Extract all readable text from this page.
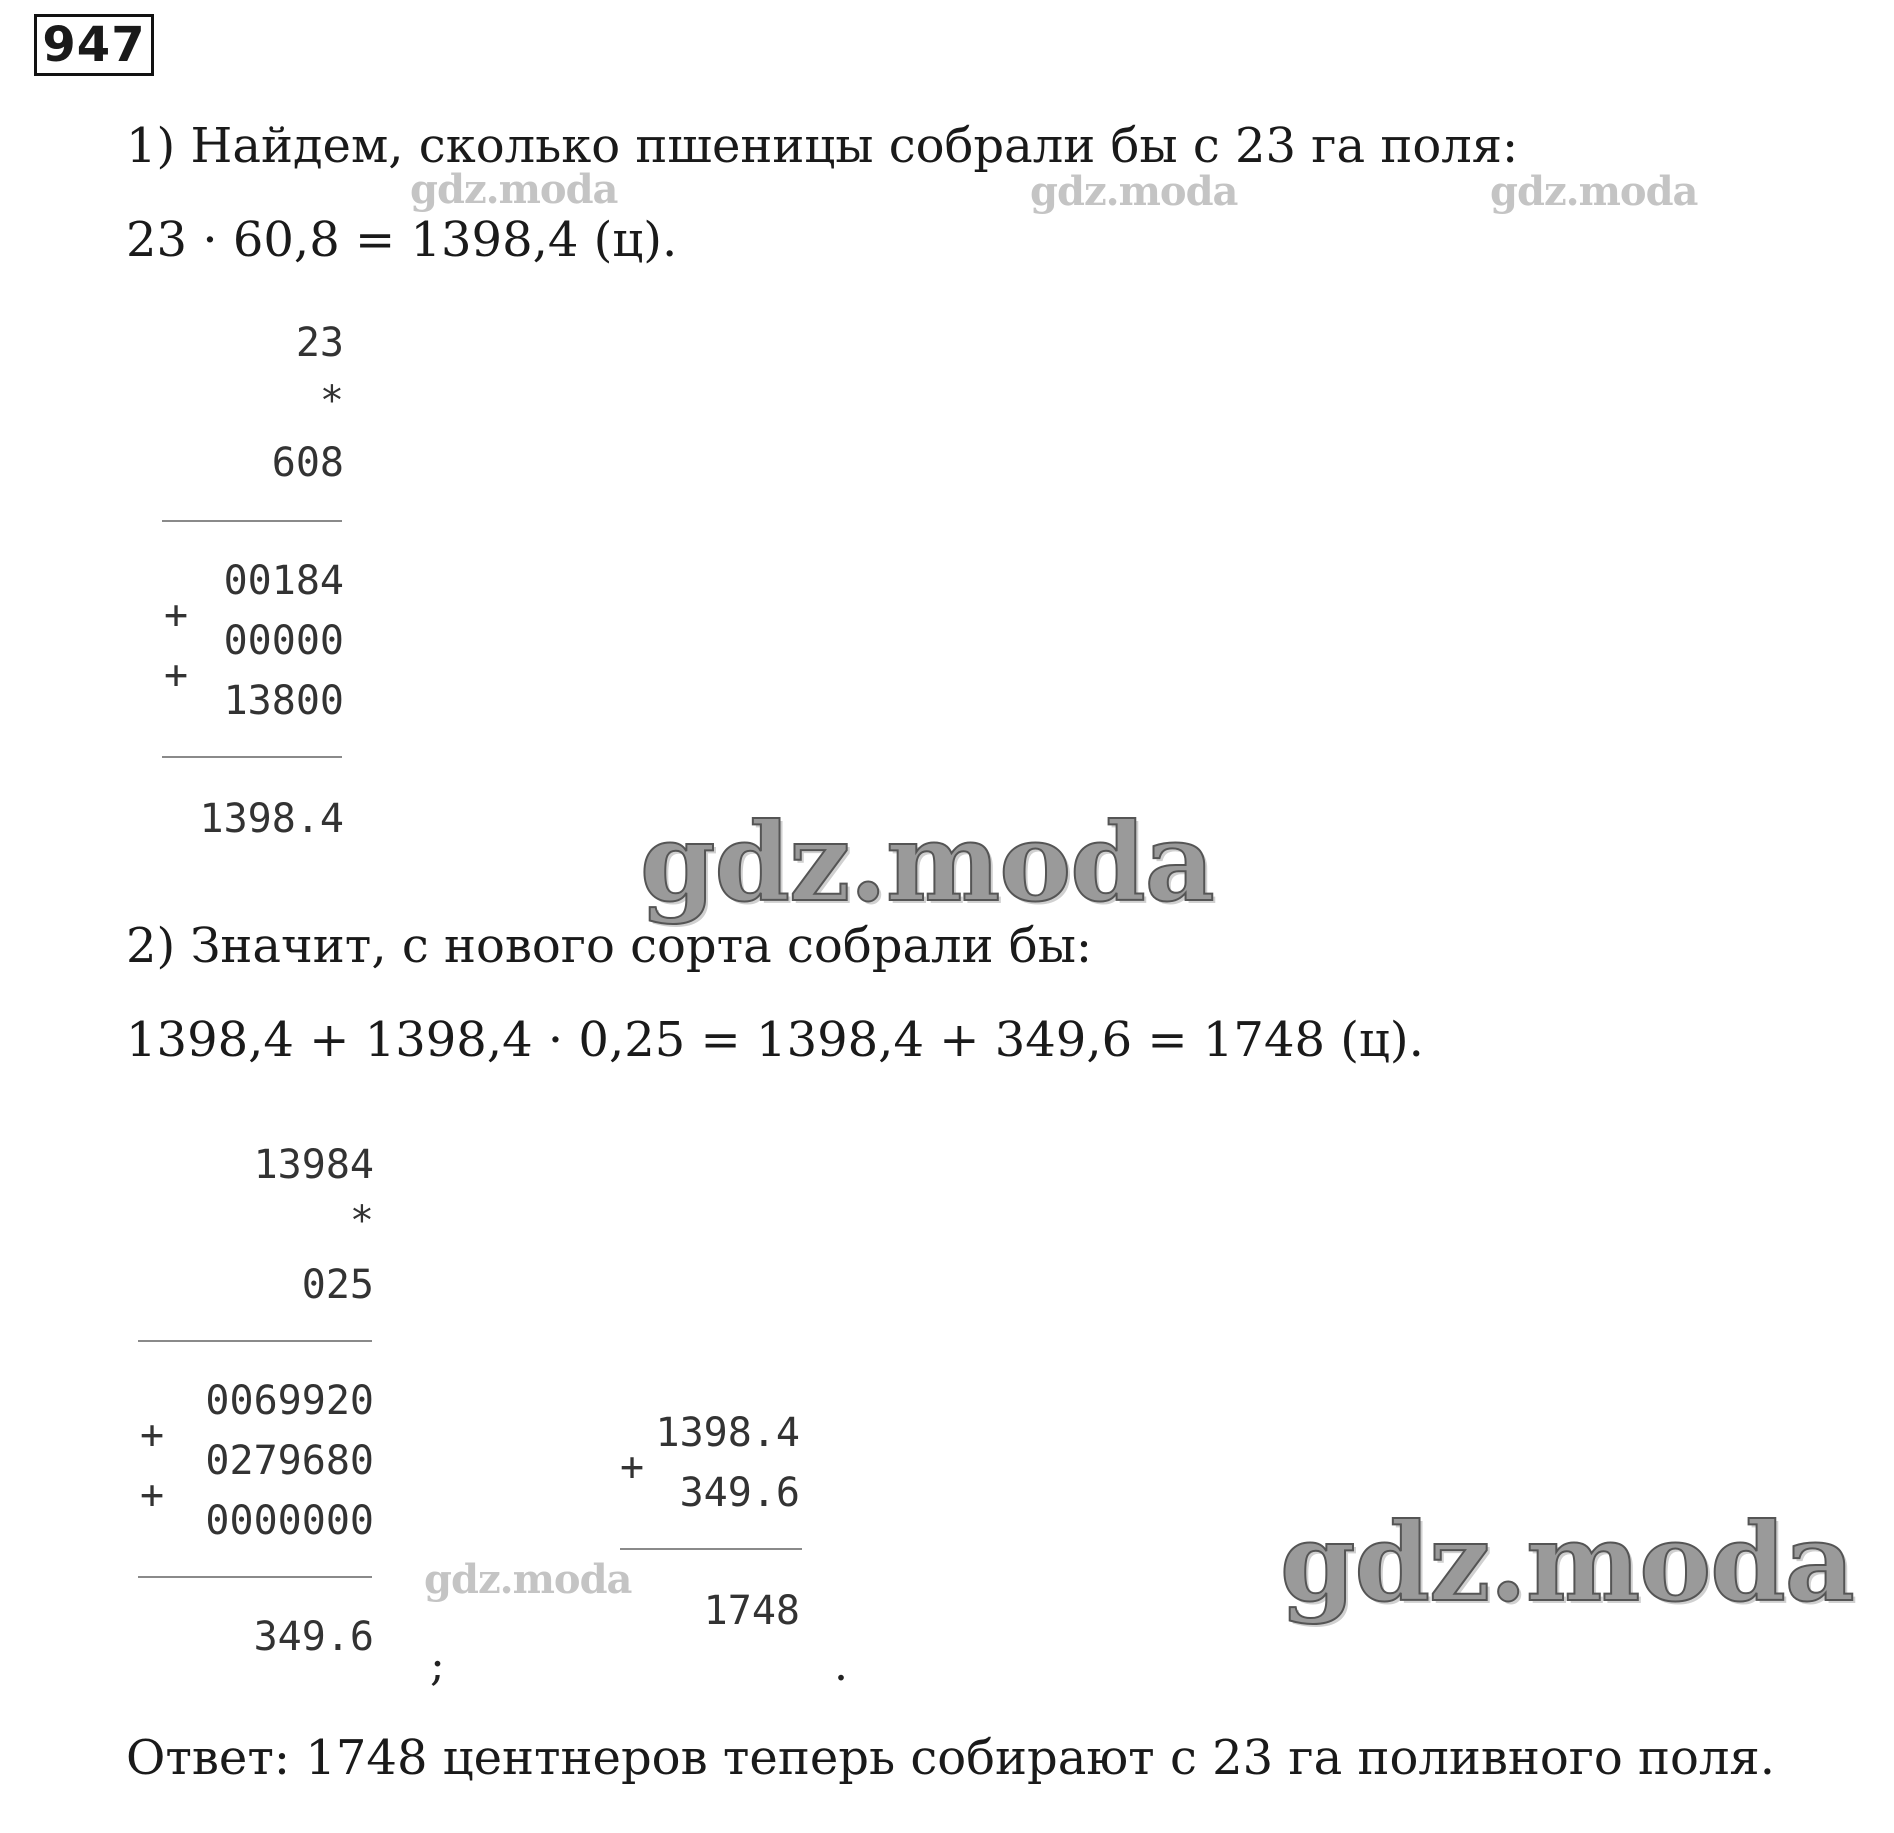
947
1) Найдем, сколько пшеницы собрали бы с 23 га поля:
23 · 60,8 = 1398,4 (ц).
gdz.moda	gdz.moda	gdz.moda
23
*
608
00184
+
00000
+
13800
1398.4	gdz.moda
2) Значит, с нового сорта собрали бы:
1398,4 + 1398,4 · 0,25 = 1398,4 + 349,6 = 1748 (ц).
13984
*
025
0069920
+
0279680
+
0000000
349.6
;
1398.4
+
349.6
1748
.
gdz.moda	gdz.moda
Ответ: 1748 центнеров теперь собирают с 23 га поливного поля.
